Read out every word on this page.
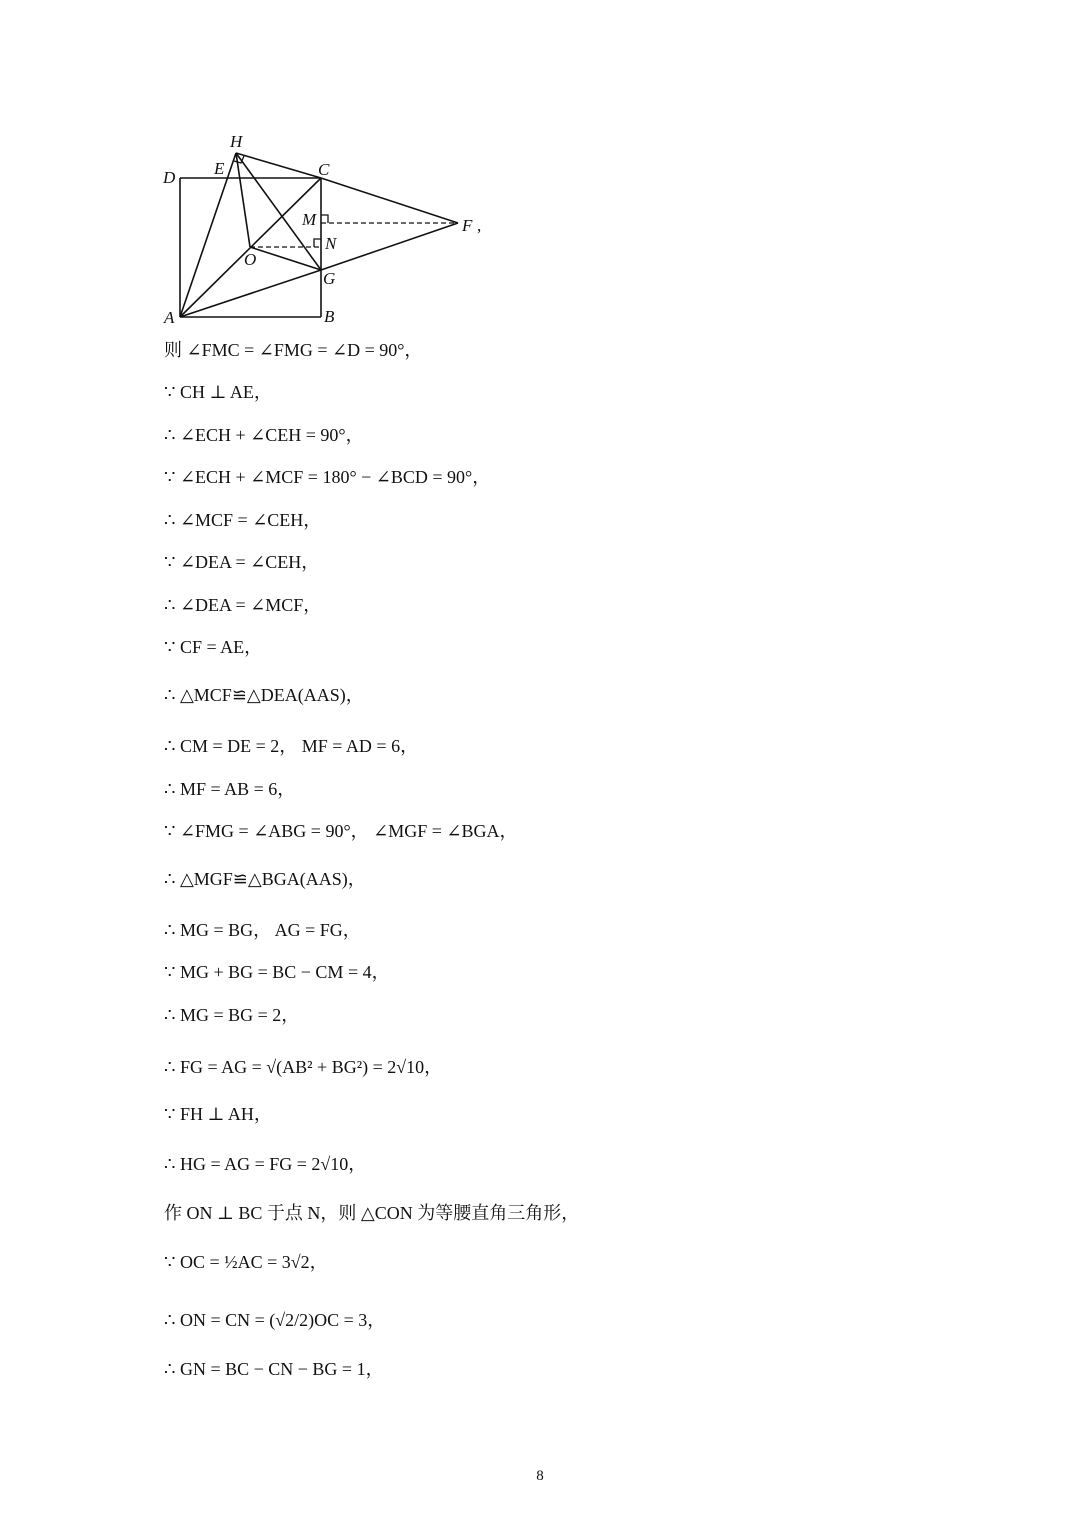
H
E	C
D
M	F ,
N
O
G
A	B
则 ∠FMC = ∠FMG = ∠D = 90°，
∵ CH ⊥ AE，
∴ ∠ECH + ∠CEH = 90°，
∵ ∠ECH + ∠MCF = 180° − ∠BCD = 90°，
∴ ∠MCF = ∠CEH，
∵ ∠DEA = ∠CEH，
∴ ∠DEA = ∠MCF，
∵ CF = AE，
∴ △MCF≌△DEA(AAS)，
∴ CM = DE = 2， MF = AD = 6，
∴ MF = AB = 6，
∵ ∠FMG = ∠ABG = 90°， ∠MGF = ∠BGA，
∴ △MGF≌△BGA(AAS)，
∴ MG = BG， AG = FG，
∵ MG + BG = BC − CM = 4，
∴ MG = BG = 2，
∴ FG = AG = √(AB² + BG²) = 2√10，
∵ FH ⊥ AH，
∴ HG = AG = FG = 2√10，
作 ON ⊥ BC 于点 N，则 △CON 为等腰直角三角形，
∵ OC = ½AC = 3√2，
∴ ON = CN = (√2/2)OC = 3，
∴ GN = BC − CN − BG = 1，
8
